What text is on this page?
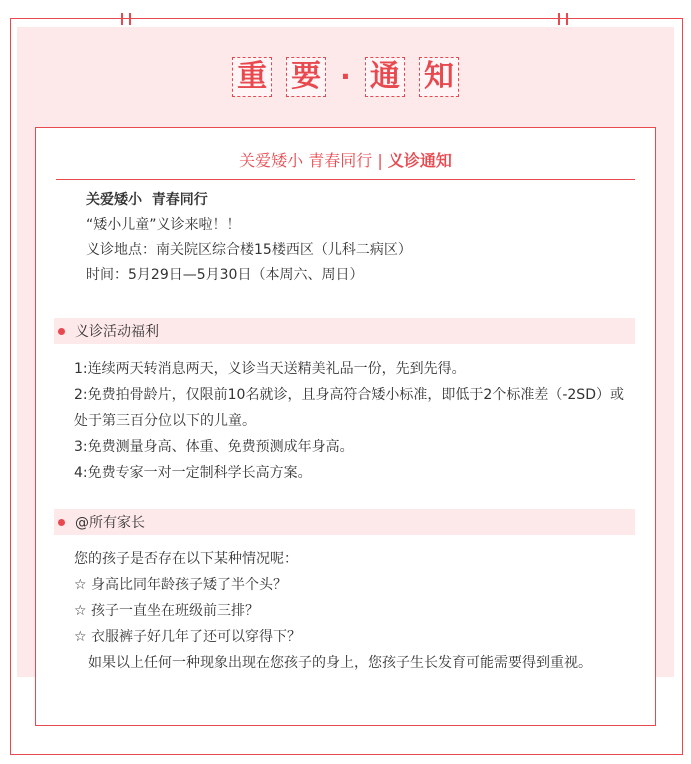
重 要 · 通 知
关爱矮小 青春同行 | 义诊通知
关爱矮小  青春同行
“矮小儿童”义诊来啦！！
义诊地点：南关院区综合楼15楼西区（儿科二病区）
时间：5月29日—5月30日（本周六、周日）
义诊活动福利

1:连续两天转消息两天，义诊当天送精美礼品一份，先到先得。

2:免费拍骨龄片，仅限前10名就诊，且身高符合矮小标准，即低于2个标准差（-2SD）或处于第三百分位以下的儿童。

3:免费测量身高、体重、免费预测成年身高。

4:免费专家一对一定制科学长高方案。

@所有家长

您的孩子是否存在以下某种情况呢：

☆ 身高比同年龄孩子矮了半个头？

☆ 孩子一直坐在班级前三排？

☆ 衣服裤子好几年了还可以穿得下？

如果以上任何一种现象出现在您孩子的身上，您孩子生长发育可能需要得到重视。
